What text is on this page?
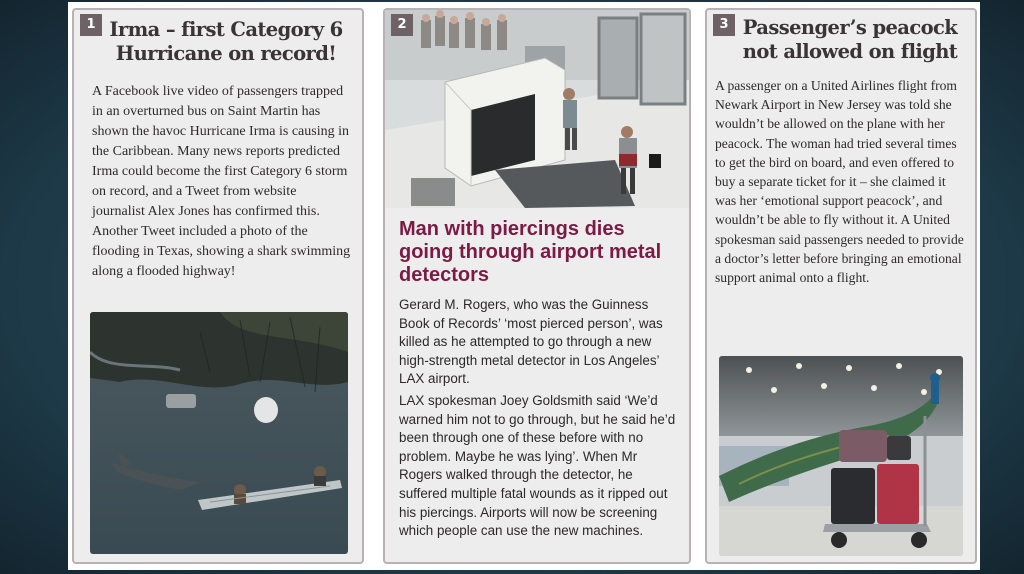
1 Irma – first Category 6 Hurricane on record!
A Facebook live video of passengers trapped in an overturned bus on Saint Martin has shown the havoc Hurricane Irma is causing in the Caribbean. Many news reports predicted Irma could become the first Category 6 storm on record, and a Tweet from website journalist Alex Jones has confirmed this. Another Tweet included a photo of the flooding in Texas, showing a shark swimming along a flooded highway!
Man with piercings dies going through airport metal detectors

Gerard M. Rogers, who was the Guinness Book of Records’ ‘most pierced person’, was killed as he attempted to go through a new high-strength metal detector in Los Angeles’ LAX airport.

LAX spokesman Joey Goldsmith said ‘We’d warned him not to go through, but he said he’d been through one of these before with no problem. Maybe he was lying’. When Mr Rogers walked through the detector, he suffered multiple fatal wounds as it ripped out his piercings. Airports will now be screening which people can use the new machines.

2	3 Passenger’s peacock not allowed on flight
A passenger on a United Airlines flight from Newark Airport in New Jersey was told she wouldn’t be allowed on the plane with her peacock. The woman had tried several times to get the bird on board, and even offered to buy a separate ticket for it – she claimed it was her ‘emotional support peacock’, and wouldn’t be able to fly without it. A United spokesman said passengers needed to provide a doctor’s letter before bringing an emotional support animal onto a flight.
